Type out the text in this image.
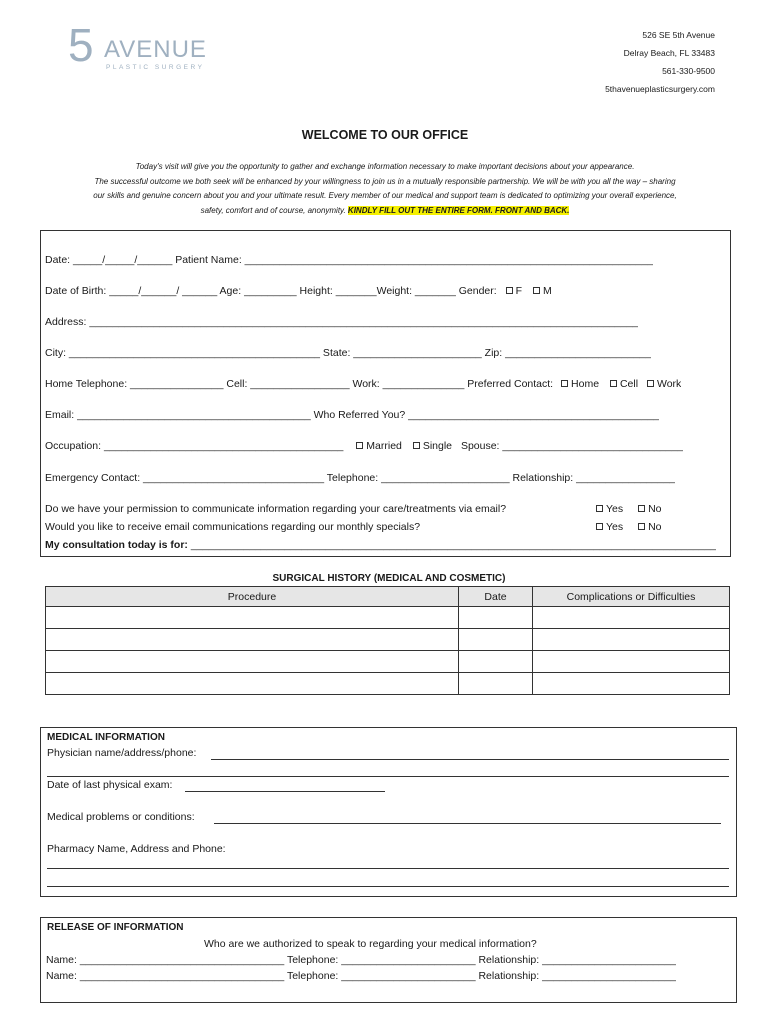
5 AVENUE
PLASTIC SURGERY
526 SE 5th Avenue
Delray Beach, FL 33483
561-330-9500
5thavenueplasticsurgery.com
WELCOME TO OUR OFFICE
Today's visit will give you the opportunity to gather and exchange information necessary to make important decisions about your appearance.
The successful outcome we both seek will be enhanced by your willingness to join us in a mutually responsible partnership. We will be with you all the way – sharing
our skills and genuine concern about you and your ultimate result. Every member of our medical and support team is dedicated to optimizing your overall experience,
safety, comfort and of course, anonymity. KINDLY FILL OUT THE ENTIRE FORM. FRONT AND BACK.
Date: _____/_____/______ Patient Name: ______________________________________________________________________
Date of Birth: _____/______/ ______ Age: _________ Height: _______Weight: _______ Gender: F M
Address: ______________________________________________________________________________________________
City: ___________________________________________ State: ______________________ Zip: _________________________
Home Telephone: ________________ Cell: _________________ Work: ______________ Preferred Contact: Home Cell Work
Email: ________________________________________ Who Referred You? ___________________________________________
Occupation: _________________________________________ Married Single Spouse: _______________________________
Emergency Contact: _______________________________ Telephone: ______________________ Relationship: _________________
Do we have your permission to communicate information regarding your care/treatments via email?	Yes No
Would you like to receive email communications regarding our monthly specials?	Yes No
My consultation today is for: __________________________________________________________________________________________
SURGICAL HISTORY (MEDICAL AND COSMETIC)
Procedure	Date	Complications or Difficulties

MEDICAL INFORMATION
Physician name/address/phone:
Date of last physical exam:
Medical problems or conditions:
Pharmacy Name, Address and Phone:
RELEASE OF INFORMATION
Who are we authorized to speak to regarding your medical information?
Name: ___________________________________ Telephone: _______________________ Relationship: _______________________
Name: ___________________________________ Telephone: _______________________ Relationship: _______________________
